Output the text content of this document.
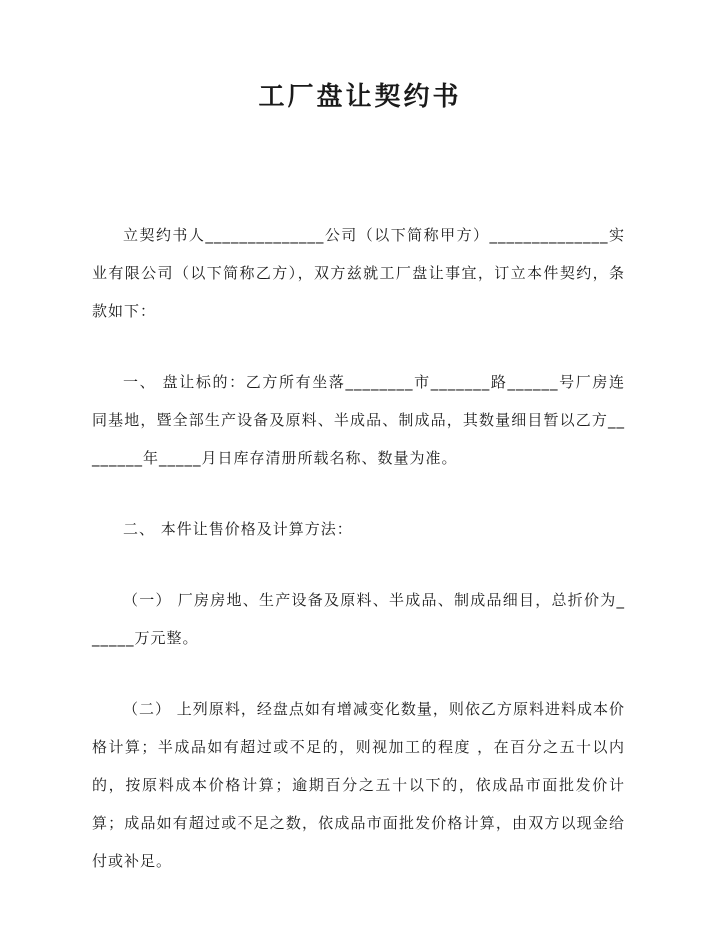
工厂盘让契约书

立契约书人______________公司（以下简称甲方）______________实业有限公司（以下简称乙方），双方兹就工厂盘让事宜，订立本件契约，条款如下：

一、 盘让标的：乙方所有坐落________市_______路______号厂房连同基地，暨全部生产设备及原料、半成品、制成品，其数量细目暂以乙方________年_____月日库存清册所载名称、数量为准。

二、 本件让售价格及计算方法：

（一） 厂房房地、生产设备及原料、半成品、制成品细目，总折价为______万元整。

（二） 上列原料，经盘点如有增减变化数量，则依乙方原料进料成本价格计算；半成品如有超过或不足的，则视加工的程度 ，在百分之五十以内的，按原料成本价格计算；逾期百分之五十以下的，依成品市面批发价计算；成品如有超过或不足之数，依成品市面批发价格计算，由双方以现金给付或补足。
